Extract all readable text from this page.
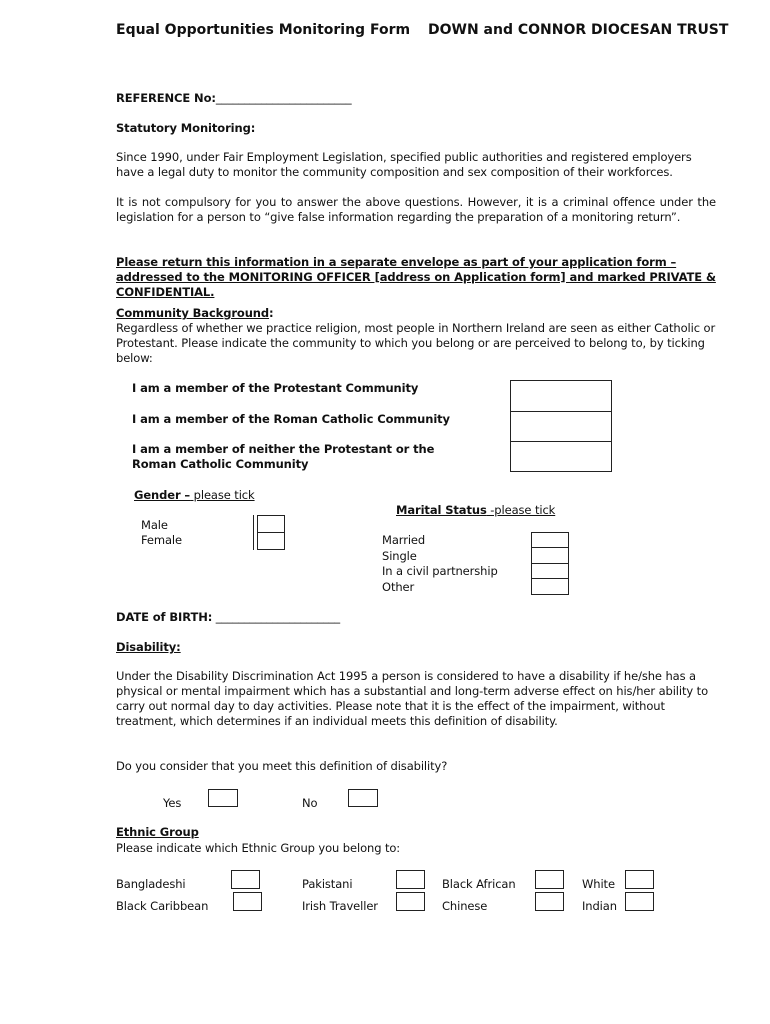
Equal Opportunities Monitoring Form DOWN and CONNOR DIOCESAN TRUST
REFERENCE No:________________________
Statutory Monitoring:
Since 1990, under Fair Employment Legislation, specified public authorities and registered employers have a legal duty to monitor the community composition and sex composition of their workforces.
It is not compulsory for you to answer the above questions. However, it is a criminal offence under the legislation for a person to “give false information regarding the preparation of a monitoring return”.
Please return this information in a separate envelope as part of your application form – addressed to the MONITORING OFFICER [address on Application form] and marked PRIVATE & CONFIDENTIAL.
Community Background:
Regardless of whether we practice religion, most people in Northern Ireland are seen as either Catholic or Protestant. Please indicate the community to which you belong or are perceived to belong to, by ticking below:
I am a member of the Protestant Community
I am a member of the Roman Catholic Community
I am a member of neither the Protestant or the Roman Catholic Community
Gender – please tick
Male
Female
Marital Status -please tick
Married
Single
In a civil partnership
Other
DATE of BIRTH: ______________________
Disability:
Under the Disability Discrimination Act 1995 a person is considered to have a disability if he/she has a physical or mental impairment which has a substantial and long-term adverse effect on his/her ability to carry out normal day to day activities. Please note that it is the effect of the impairment, without treatment, which determines if an individual meets this definition of disability.
Do you consider that you meet this definition of disability?
Yes	No
Ethnic Group
Please indicate which Ethnic Group you belong to:
Bangladeshi	Pakistani	Black African	White
Black Caribbean	Irish Traveller	Chinese	Indian
